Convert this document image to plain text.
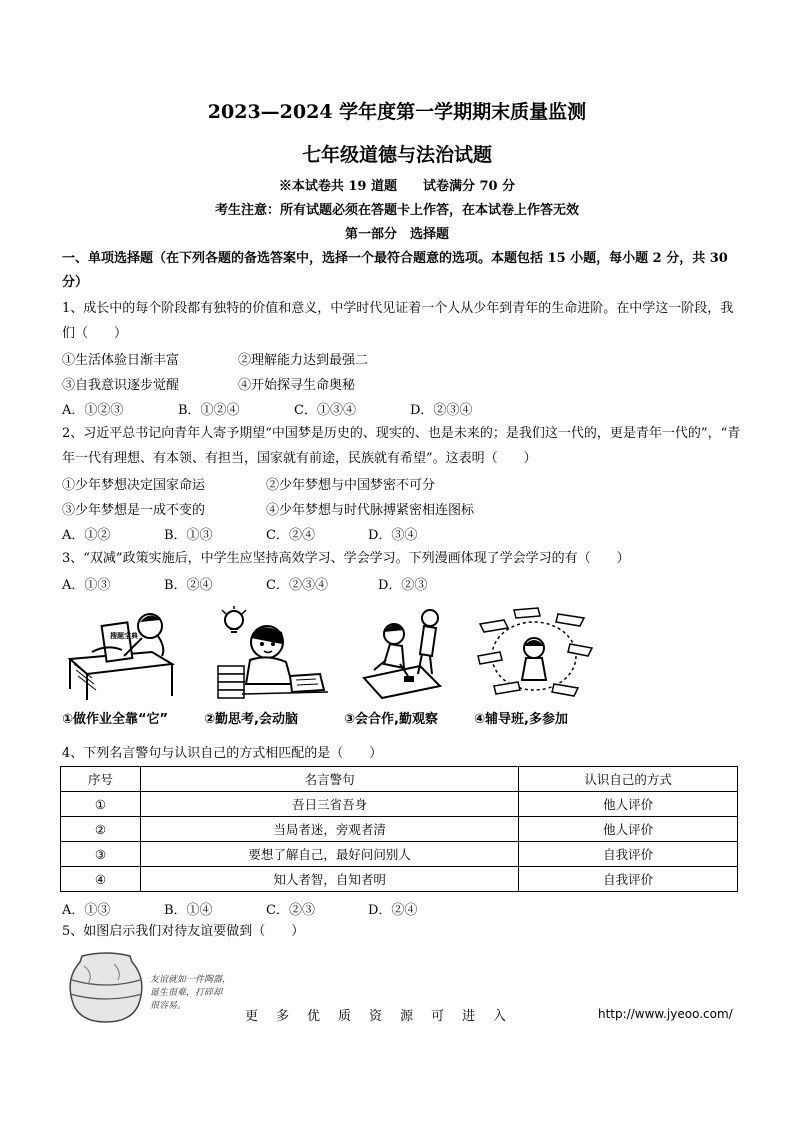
2023—2024 学年度第一学期期末质量监测
七年级道德与法治试题
※本试卷共 19 道题　　试卷满分 70 分
考生注意：所有试题必须在答题卡上作答，在本试卷上作答无效
第一部分　选择题
一、单项选择题（在下列各题的备选答案中，选择一个最符合题意的选项。本题包括 15 小题，每小题 2 分，共 30 分）
1、成长中的每个阶段都有独特的价值和意义，中学时代见证着一个人从少年到青年的生命进阶。在中学这一阶段，我们（　　）
①生活体验日渐丰富	②理解能力达到最强二
③自我意识逐步觉醒	④开始探寻生命奥秘
A．①②③	B．①②④	C．①③④	D．②③④
2、习近平总书记向青年人寄予期望“中国梦是历史的、现实的、也是未来的；是我们这一代的，更是青年一代的”，“青年一代有理想、有本领、有担当，国家就有前途，民族就有希望”。这表明（　　）
①少年梦想决定国家命运	②少年梦想与中国梦密不可分
③少年梦想是一成不变的	④少年梦想与时代脉搏紧密相连图标
A．①②	B．①③	C．②④	D．③④
3、“双减”政策实施后，中学生应坚持高效学习、学会学习。下列漫画体现了学会学习的有（　　）
A．①③	B．②④	C．②③④	D．②③
搜题宝典
①做作业全靠“它”	②勤思考,会动脑	③会合作,勤观察	④辅导班,多参加
4、下列名言警句与认识自己的方式相匹配的是（　　）
序号	名言警句	认识自己的方式
①	吾日三省吾身	他人评价
②	当局者迷，旁观者清	他人评价
③	要想了解自己，最好问问别人	自我评价
④	知人者智，自知者明	自我评价
A．①③	B．①④	C．②③	D．②④
5、如图启示我们对待友谊要做到（　　）
友谊就如一件陶器，
诞生很难，打碎却
很容易。
更多优质资源可进入	http://www.jyeoo.com/
